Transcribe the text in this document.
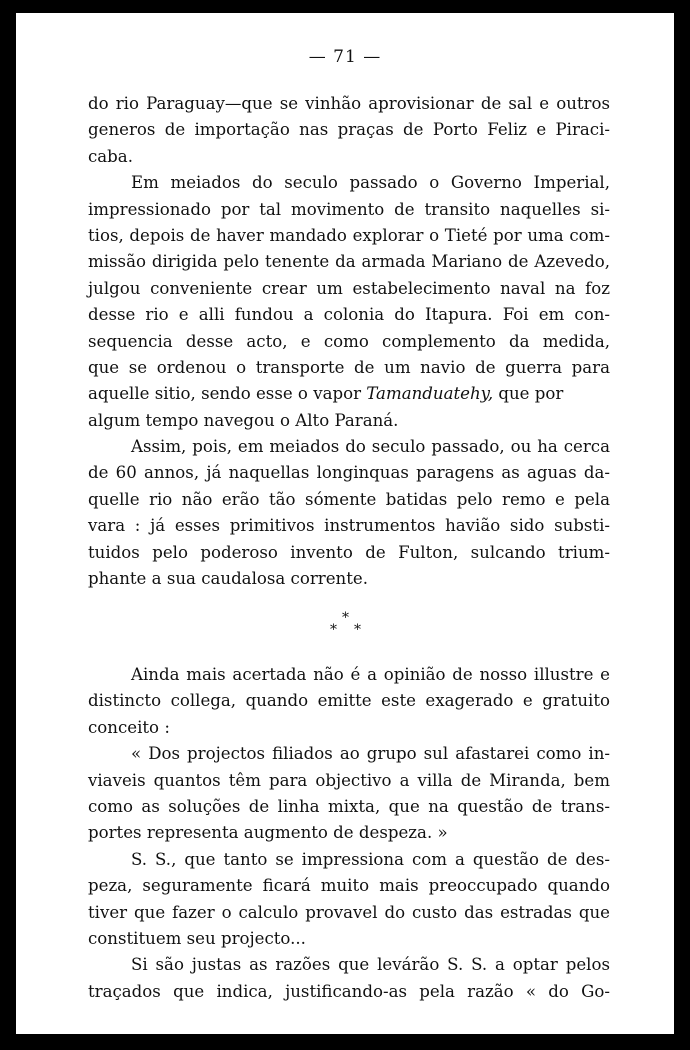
— 71 —
do rio Paraguay—que se vinhão aprovisionar de sal e outros
generos de importação nas praças de Porto Feliz e Piraci-
caba.
Em meiados do seculo passado o Governo Imperial,
impressionado por tal movimento de transito naquelles si-
tios, depois de haver mandado explorar o Tieté por uma com-
missão dirigida pelo tenente da armada Mariano de Azevedo,
julgou conveniente crear um estabelecimento naval na foz
desse rio e alli fundou a colonia do Itapura. Foi em con-
sequencia desse acto, e como complemento da medida,
que se ordenou o transporte de um navio de guerra para
aquelle sitio, sendo esse o vapor Tamanduatehy, que por
algum tempo navegou o Alto Paraná.
Assim, pois, em meiados do seculo passado, ou ha cerca
de 60 annos, já naquellas longinquas paragens as aguas da-
quelle rio não erão tão sómente batidas pelo remo e pela
vara : já esses primitivos instrumentos havião sido substi-
tuidos pelo poderoso invento de Fulton, sulcando trium-
phante a sua caudalosa corrente.
*
* *
Ainda mais acertada não é a opinião de nosso illustre e
distincto collega, quando emitte este exagerado e gratuito
conceito :
« Dos projectos filiados ao grupo sul afastarei como in-
viaveis quantos têm para objectivo a villa de Miranda, bem
como as soluções de linha mixta, que na questão de trans-
portes representa augmento de despeza. »
S. S., que tanto se impressiona com a questão de des-
peza, seguramente ficará muito mais preoccupado quando
tiver que fazer o calculo provavel do custo das estradas que
constituem seu projecto...
Si são justas as razões que levárão S. S. a optar pelos
traçados que indica, justificando-as pela razão « do Go-
